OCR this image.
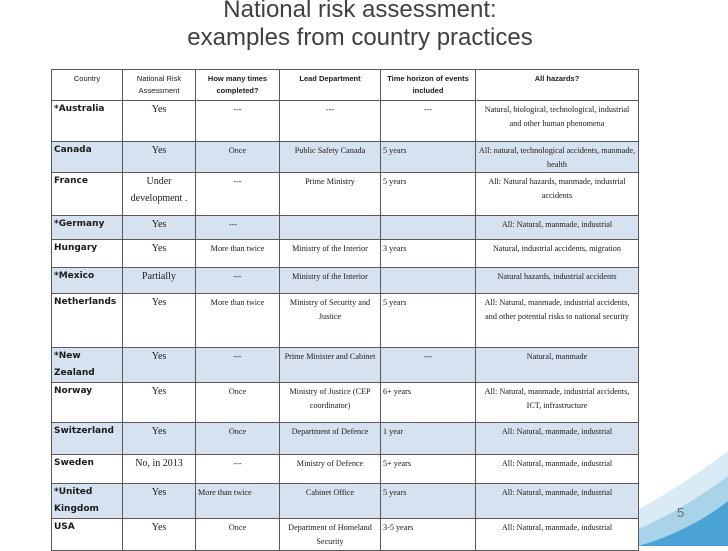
National risk assessment:
examples from country practices
Country	National Risk Assessment	How many times completed?	Lead Department	Time horizon of events included	All hazards?
*Australia	Yes	---	---	---	Natural, biological, technological, industrial and other human phenomena
Canada	Yes	Once	Public Safety Canada	5 years	All: natural, technological accidents, manmade, health
France	Under development .	---	Prime Ministry	5 years	All: Natural hazards, manmade, industrial accidents
*Germany	Yes	---			All: Natural, manmade, industrial
Hungary	Yes	More than twice	Ministry of the Interior	3 years	Natural, industrial accidents, migration
*Mexico	Partially	---	Ministry of the Interior		Natural hazards, industrial accidents
Netherlands	Yes	More than twice	Ministry of Security and Justice	5 years	All: Natural, manmade, industrial accidents, and other potential risks to national security
*New Zealand	Yes	---	Prime Minister and Cabinet	---	Natural, manmade
Norway	Yes	Once	Ministry of Justice (CEP coordinator)	6+ years	All: Natural, manmade, industrial accidents, ICT, infrastructure
Switzerland	Yes	Once	Department of Defence	1 year	All: Natural, manmade, industrial
Sweden	No, in 2013	---	Ministry of Defence	5+ years	All: Natural, manmade, industrial
*United Kingdom	Yes	More than twice	Cabinet Office	5 years	All: Natural, manmade, industrial
USA	Yes	Once	Department of Homeland Security	3-5 years	All: Natural, manmade, industrial
5
